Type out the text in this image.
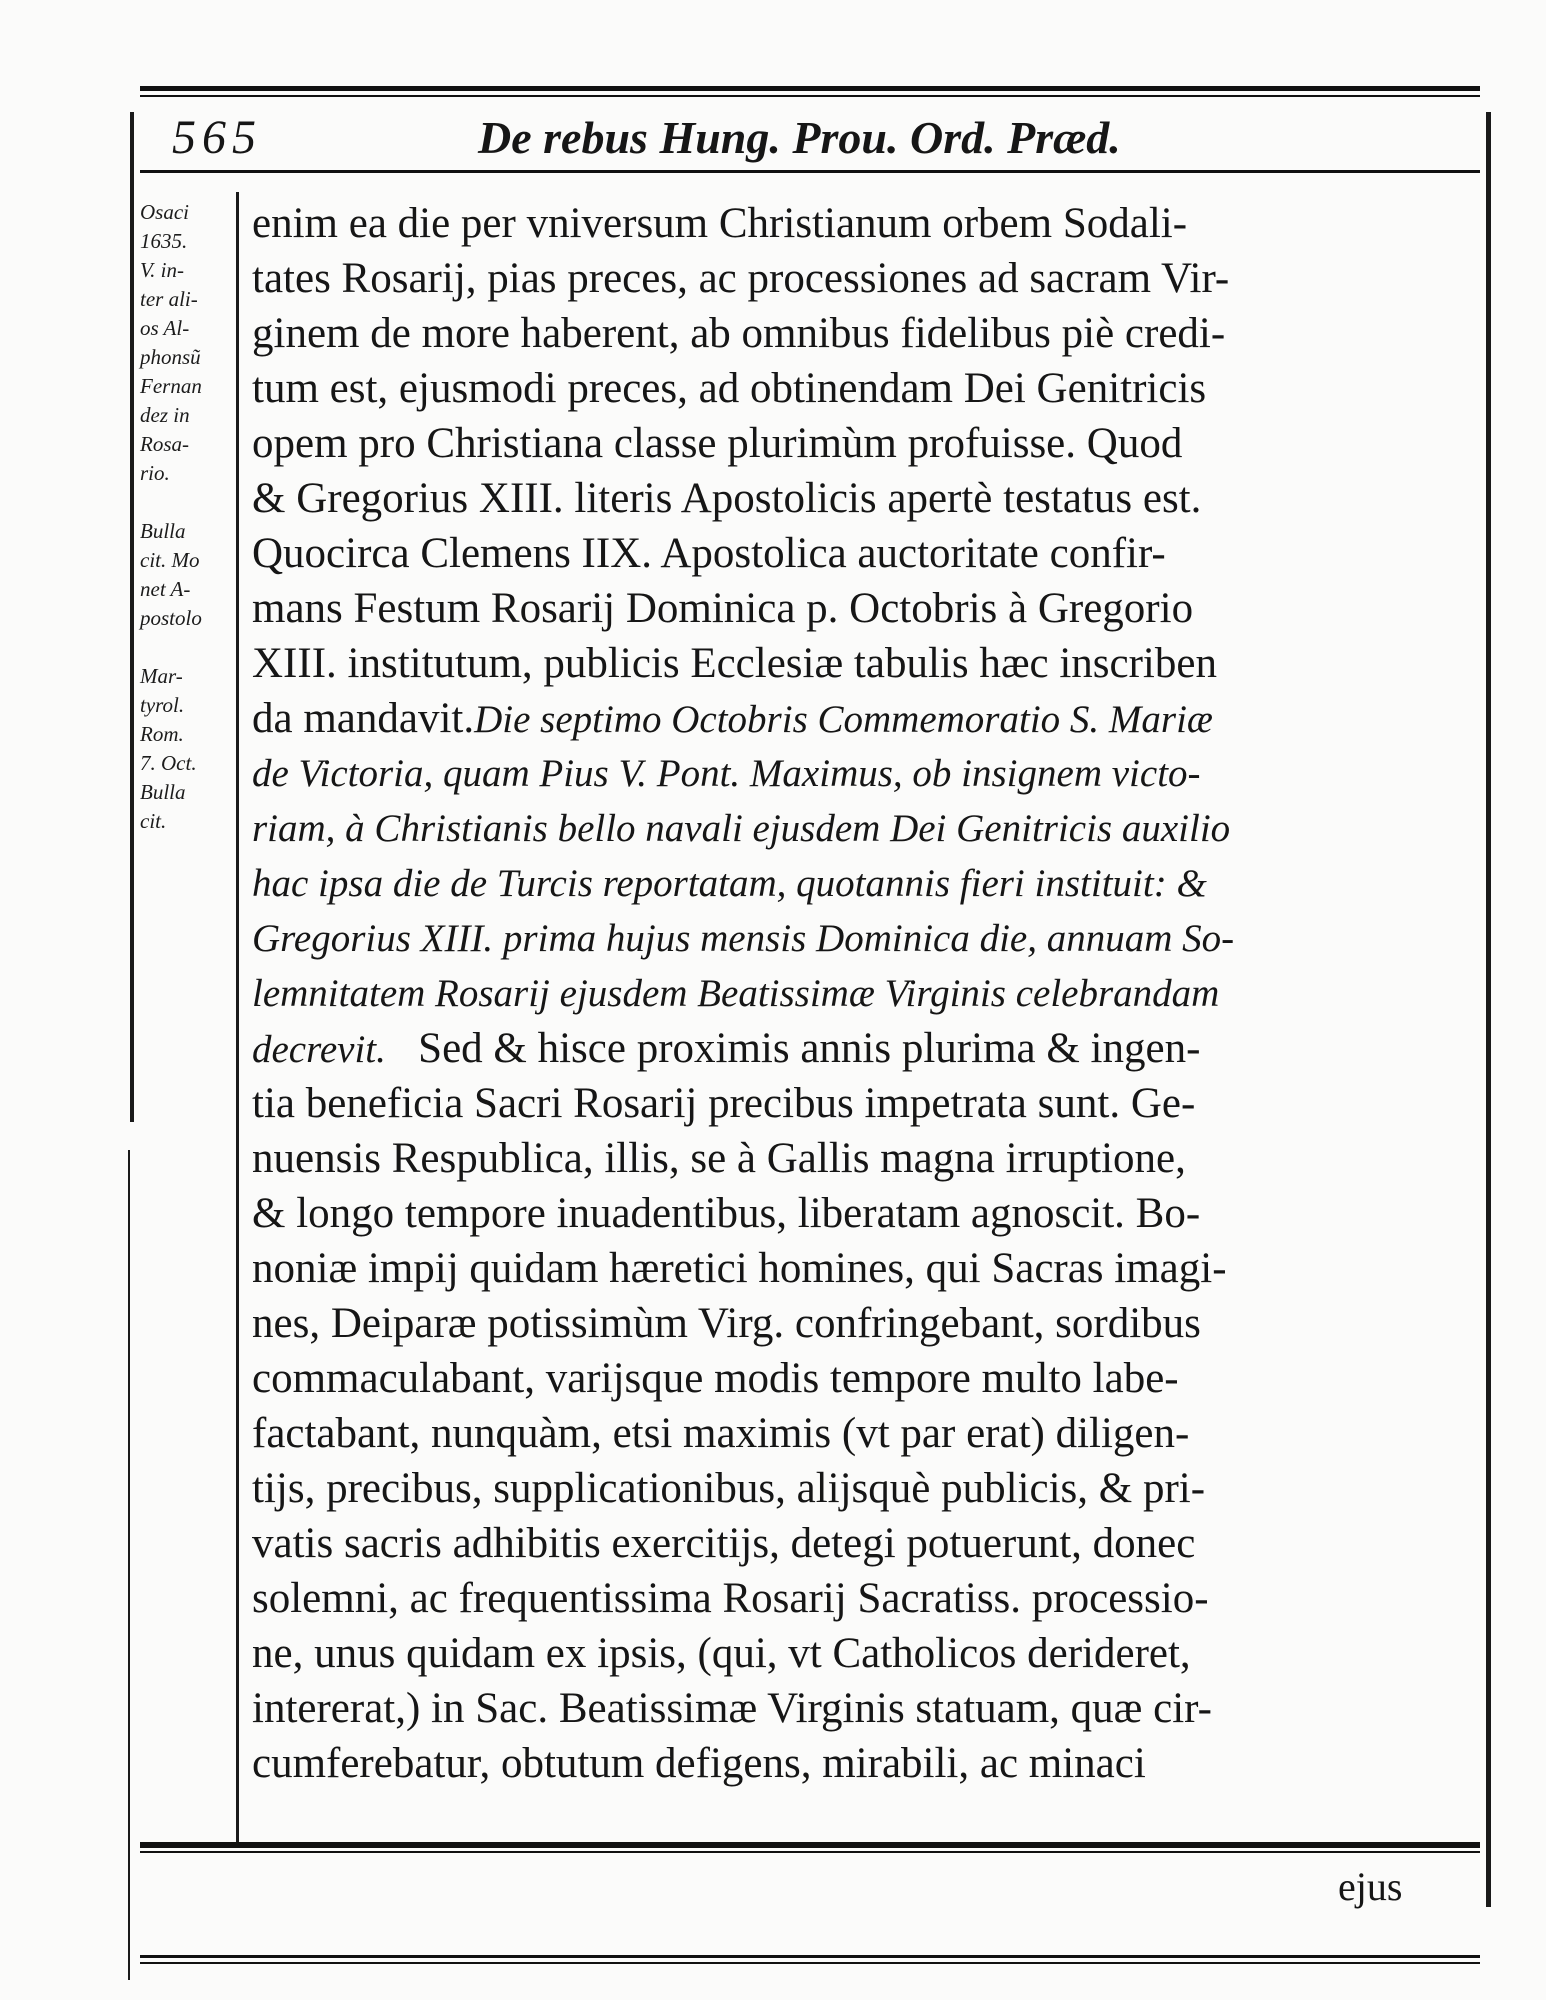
565	De rebus Hung. Prou. Ord. Præd.
Osaci
1635.
V. in-
ter ali-
os Al-
phonsũ
Fernan
dez in
Rosa-
rio.
Bulla
cit. Mo
net A-
postolo
Mar-
tyrol.
Rom.
7. Oct.
Bulla
cit.
enim ea die per vniversum Christianum orbem Sodali-
tates Rosarij, pias preces, ac processiones ad sacram Vir-
ginem de more haberent, ab omnibus fidelibus piè credi-
tum est, ejusmodi preces, ad obtinendam Dei Genitricis
opem pro Christiana classe plurimùm profuisse. Quod
& Gregorius XIII. literis Apostolicis apertè testatus est.
Quocirca Clemens IIX. Apostolica auctoritate confir-
mans Festum Rosarij Dominica p. Octobris à Gregorio
XIII. institutum, publicis Ecclesiæ tabulis hæc inscriben
da mandavit.Die septimo Octobris Commemoratio S. Mariæ
de Victoria, quam Pius V. Pont. Maximus, ob insignem victo-
riam, à Christianis bello navali ejusdem Dei Genitricis auxilio
hac ipsa die de Turcis reportatam, quotannis fieri instituit: &
Gregorius XIII. prima hujus mensis Dominica die, annuam So-
lemnitatem Rosarij ejusdem Beatissimæ Virginis celebrandam
decrevit.   Sed & hisce proximis annis plurima & ingen-
tia beneficia Sacri Rosarij precibus impetrata sunt. Ge-
nuensis Respublica, illis, se à Gallis magna irruptione,
& longo tempore inuadentibus, liberatam agnoscit. Bo-
noniæ impij quidam hæretici homines, qui Sacras imagi-
nes, Deiparæ potissimùm Virg. confringebant, sordibus
commaculabant, varijsque modis tempore multo labe-
factabant, nunquàm, etsi maximis (vt par erat) diligen-
tijs, precibus, supplicationibus, alijsquè publicis, & pri-
vatis sacris adhibitis exercitijs, detegi potuerunt, donec
solemni, ac frequentissima Rosarij Sacratiss. processio-
ne, unus quidam ex ipsis, (qui, vt Catholicos derideret,
intererat,) in Sac. Beatissimæ Virginis statuam, quæ cir-
cumferebatur, obtutum defigens, mirabili, ac minaci
ejus
